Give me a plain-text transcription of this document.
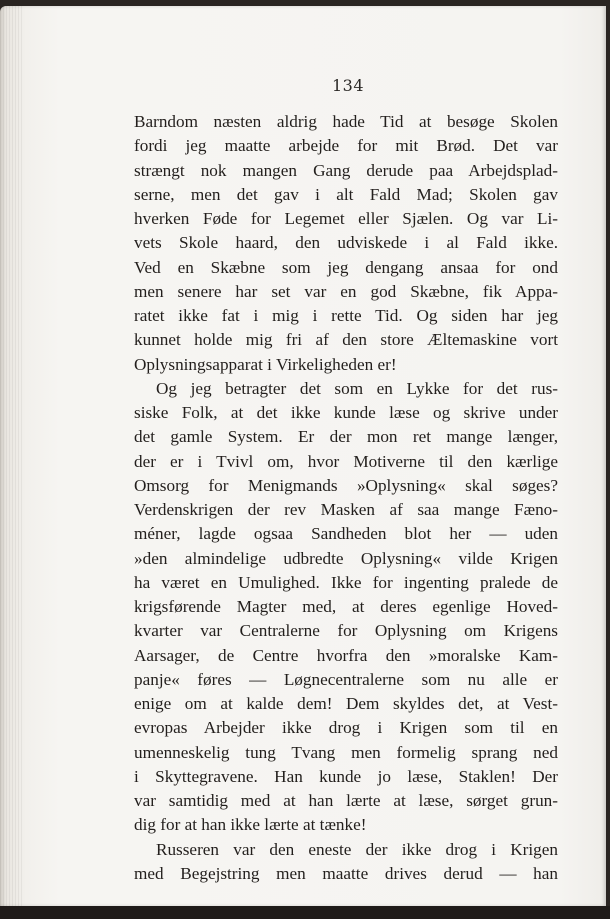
134
Barndom næsten aldrig hade Tid at besøge Skolen
fordi jeg maatte arbejde for mit Brød. Det var
strængt nok mangen Gang derude paa Arbejdsplad-
serne, men det gav i alt Fald Mad; Skolen gav
hverken Føde for Legemet eller Sjælen. Og var Li-
vets Skole haard, den udviskede i al Fald ikke.
Ved en Skæbne som jeg dengang ansaa for ond
men senere har set var en god Skæbne, fik Appa-
ratet ikke fat i mig i rette Tid. Og siden har jeg
kunnet holde mig fri af den store Æltemaskine vort
Oplysningsapparat i Virkeligheden er!
Og jeg betragter det som en Lykke for det rus-
siske Folk, at det ikke kunde læse og skrive under
det gamle System. Er der mon ret mange længer,
der er i Tvivl om, hvor Motiverne til den kærlige
Omsorg for Menigmands »Oplysning« skal søges?
Verdenskrigen der rev Masken af saa mange Fæno-
méner, lagde ogsaa Sandheden blot her — uden
»den almindelige udbredte Oplysning« vilde Krigen
ha været en Umulighed. Ikke for ingenting pralede de
krigsførende Magter med, at deres egenlige Hoved-
kvarter var Centralerne for Oplysning om Krigens
Aarsager, de Centre hvorfra den »moralske Kam-
panje« føres — Løgnecentralerne som nu alle er
enige om at kalde dem! Dem skyldes det, at Vest-
evropas Arbejder ikke drog i Krigen som til en
umenneskelig tung Tvang men formelig sprang ned
i Skyttegravene. Han kunde jo læse, Staklen! Der
var samtidig med at han lærte at læse, sørget grun-
dig for at han ikke lærte at tænke!
Russeren var den eneste der ikke drog i Krigen
med Begejstring men maatte drives derud — han
